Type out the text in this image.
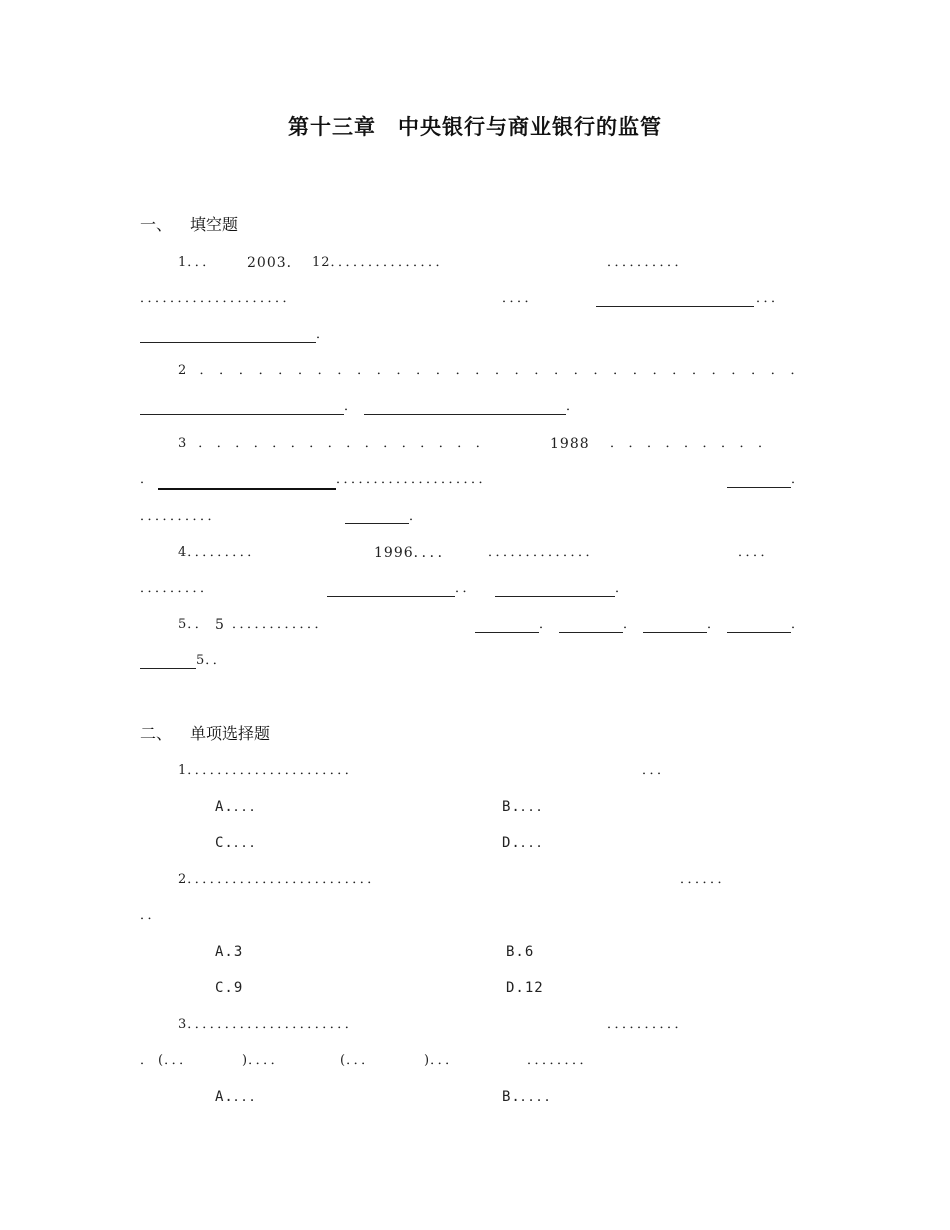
第十三章　中央银行与商业银行的监管
一、 填空题
1．．． 2003． 12．．．．．．．．．．．．．．．	．．．．．．．．．．
．．．．．．．．．．．．．．．．．．．．	．．．．	．．．
．
2．．．．．．．．．．．．．．．．．．．．．．．．．．．．．．．
．	．
3．．．．．．．．．．．．．．．．	1988 ．．．．．．．．．
．	．．．．．．．．．．．．．．．．．．．．	．
．．．．．．．．．．	．
4．．．．．．．．．	1996．．．．	．．．．．．．．．．．．．．	．．．．
．．．．．．．．．	．．	．
5．． 5 ．．．．．．．．．．．．	．	．	．	．
5．．
二、 单项选择题
1．．．．．．．．．．．．．．．．．．．．．．	．．．
A.．．．	B.．．．
C.．．．	D.．．．
2．．．．．．．．．．．．．．．．．．．．．．．．．	．．．．．．
．．
A.3	B.6
C.9	D.12
3．．．．．．．．．．．．．．．．．．．．．．	．．．．．．．．．．
． (．．．	)．．．．	(．．．	)．．．	．．．．．．．．
A.．．．	B.．．．．
